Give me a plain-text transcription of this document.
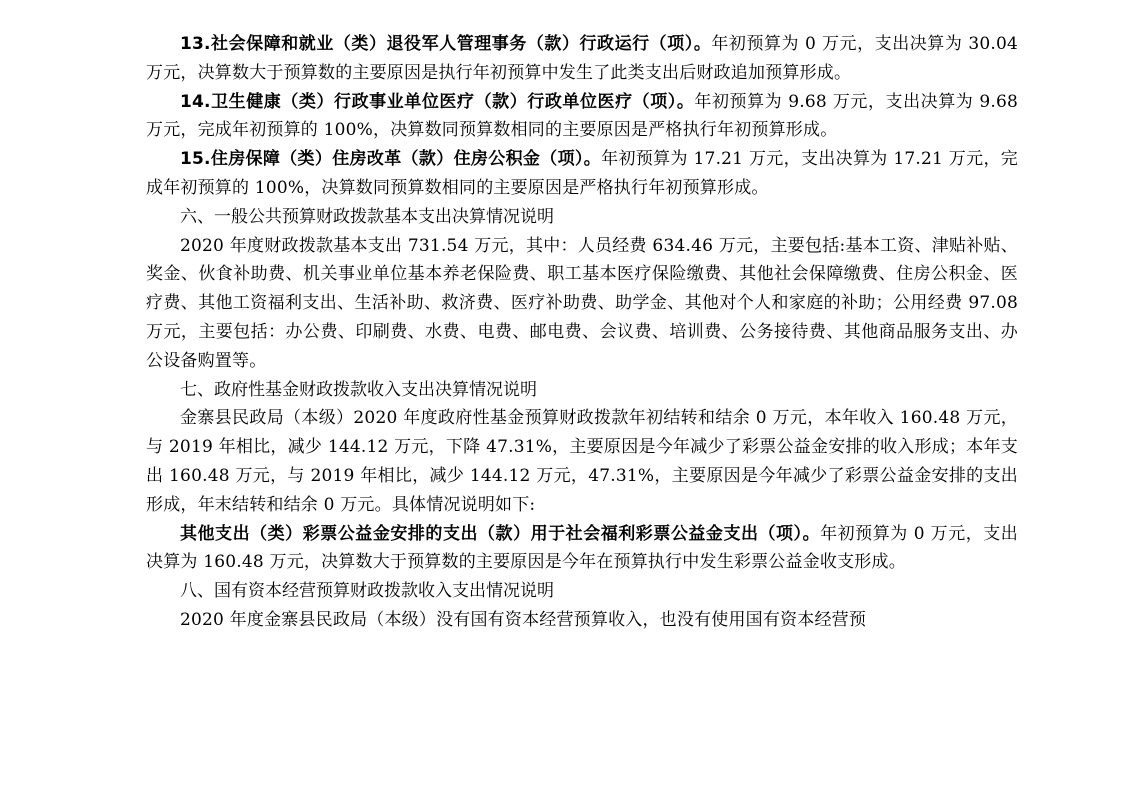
13.社会保障和就业（类）退役军人管理事务（款）行政运行（项）。年初预算为 0 万元，支出决算为 30.04 万元，决算数大于预算数的主要原因是执行年初预算中发生了此类支出后财政追加预算形成。

14.卫生健康（类）行政事业单位医疗（款）行政单位医疗（项）。年初预算为 9.68 万元，支出决算为 9.68 万元，完成年初预算的 100%，决算数同预算数相同的主要原因是严格执行年初预算形成。

15.住房保障（类）住房改革（款）住房公积金（项）。年初预算为 17.21 万元，支出决算为 17.21 万元，完成年初预算的 100%，决算数同预算数相同的主要原因是严格执行年初预算形成。

六、一般公共预算财政拨款基本支出决算情况说明

2020 年度财政拨款基本支出 731.54 万元，其中：人员经费 634.46 万元，主要包括:基本工资、津贴补贴、奖金、伙食补助费、机关事业单位基本养老保险费、职工基本医疗保险缴费、其他社会保障缴费、住房公积金、医疗费、其他工资福利支出、生活补助、救济费、医疗补助费、助学金、其他对个人和家庭的补助；公用经费 97.08 万元，主要包括：办公费、印刷费、水费、电费、邮电费、会议费、培训费、公务接待费、其他商品服务支出、办公设备购置等。

七、政府性基金财政拨款收入支出决算情况说明

金寨县民政局（本级）2020 年度政府性基金预算财政拨款年初结转和结余 0 万元，本年收入 160.48 万元，与 2019 年相比，减少 144.12 万元，下降 47.31%，主要原因是今年减少了彩票公益金安排的收入形成；本年支出 160.48 万元，与 2019 年相比，减少 144.12 万元，47.31%，主要原因是今年减少了彩票公益金安排的支出形成，年末结转和结余 0 万元。具体情况说明如下:

其他支出（类）彩票公益金安排的支出（款）用于社会福利彩票公益金支出（项）。年初预算为 0 万元，支出决算为 160.48 万元，决算数大于预算数的主要原因是今年在预算执行中发生彩票公益金收支形成。

八、国有资本经营预算财政拨款收入支出情况说明

2020 年度金寨县民政局（本级）没有国有资本经营预算收入，也没有使用国有资本经营预
